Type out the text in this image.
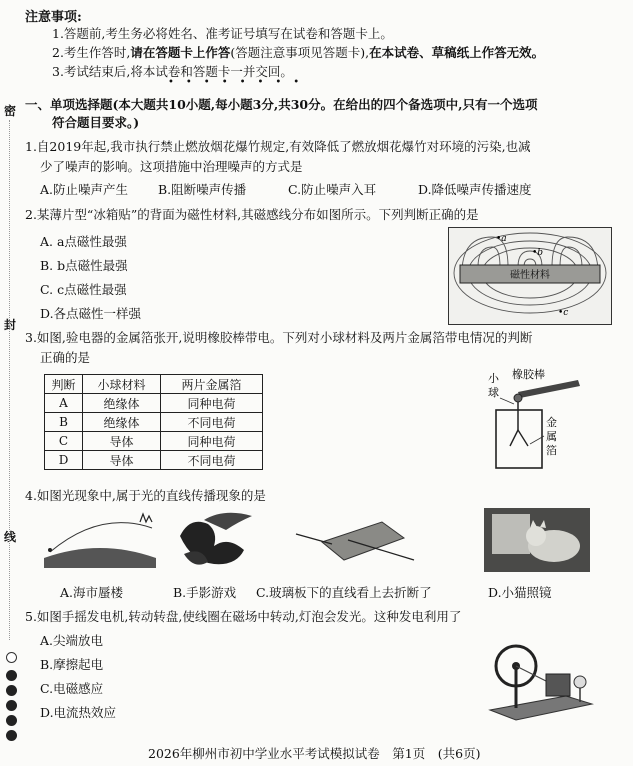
注意事项:
1.答题前,考生务必将姓名、准考证号填写在试卷和答题卡上。
2.考生作答时,请在答题卡上作答(答题注意事项见答题卡),在本试卷、草稿纸上作答无效。
3.考试结束后,将本试卷和答题卡一并交回。
••••••••
密
封
线
一、单项选择题(本大题共10小题,每小题3分,共30分。在给出的四个备选项中,只有一个选项
符合题目要求。)
1.自2019年起,我市执行禁止燃放烟花爆竹规定,有效降低了燃放烟花爆竹对环境的污染,也减
少了噪声的影响。这项措施中治理噪声的方式是
A.防止噪声产生 B.阻断噪声传播	C.防止噪声入耳	D.降低噪声传播速度
2.某薄片型“冰箱贴”的背面为磁性材料,其磁感线分布如图所示。下列判断正确的是
A. a点磁性最强
B. b点磁性最强
C. c点磁性最强
D.各点磁性一样强
磁性材料
•a
•b
•c
3.如图,验电器的金属箔张开,说明橡胶棒带电。下列对小球材料及两片金属箔带电情况的判断
正确的是
判断	小球材料	两片金属箔
A	绝缘体	同种电荷
B	绝缘体	不同电荷
C	导体	同种电荷
D	导体	不同电荷
小
球
橡胶棒
金
属
箔
4.如图光现象中,属于光的直线传播现象的是
A.海市蜃楼	B.手影游戏 C.玻璃板下的直线看上去折断了	D.小猫照镜
5.如图手摇发电机,转动转盘,使线圈在磁场中转动,灯泡会发光。这种发电利用了
A.尖端放电
B.摩擦起电
C.电磁感应
D.电流热效应
2026年柳州市初中学业水平考试模拟试卷　第1页　(共6页)
